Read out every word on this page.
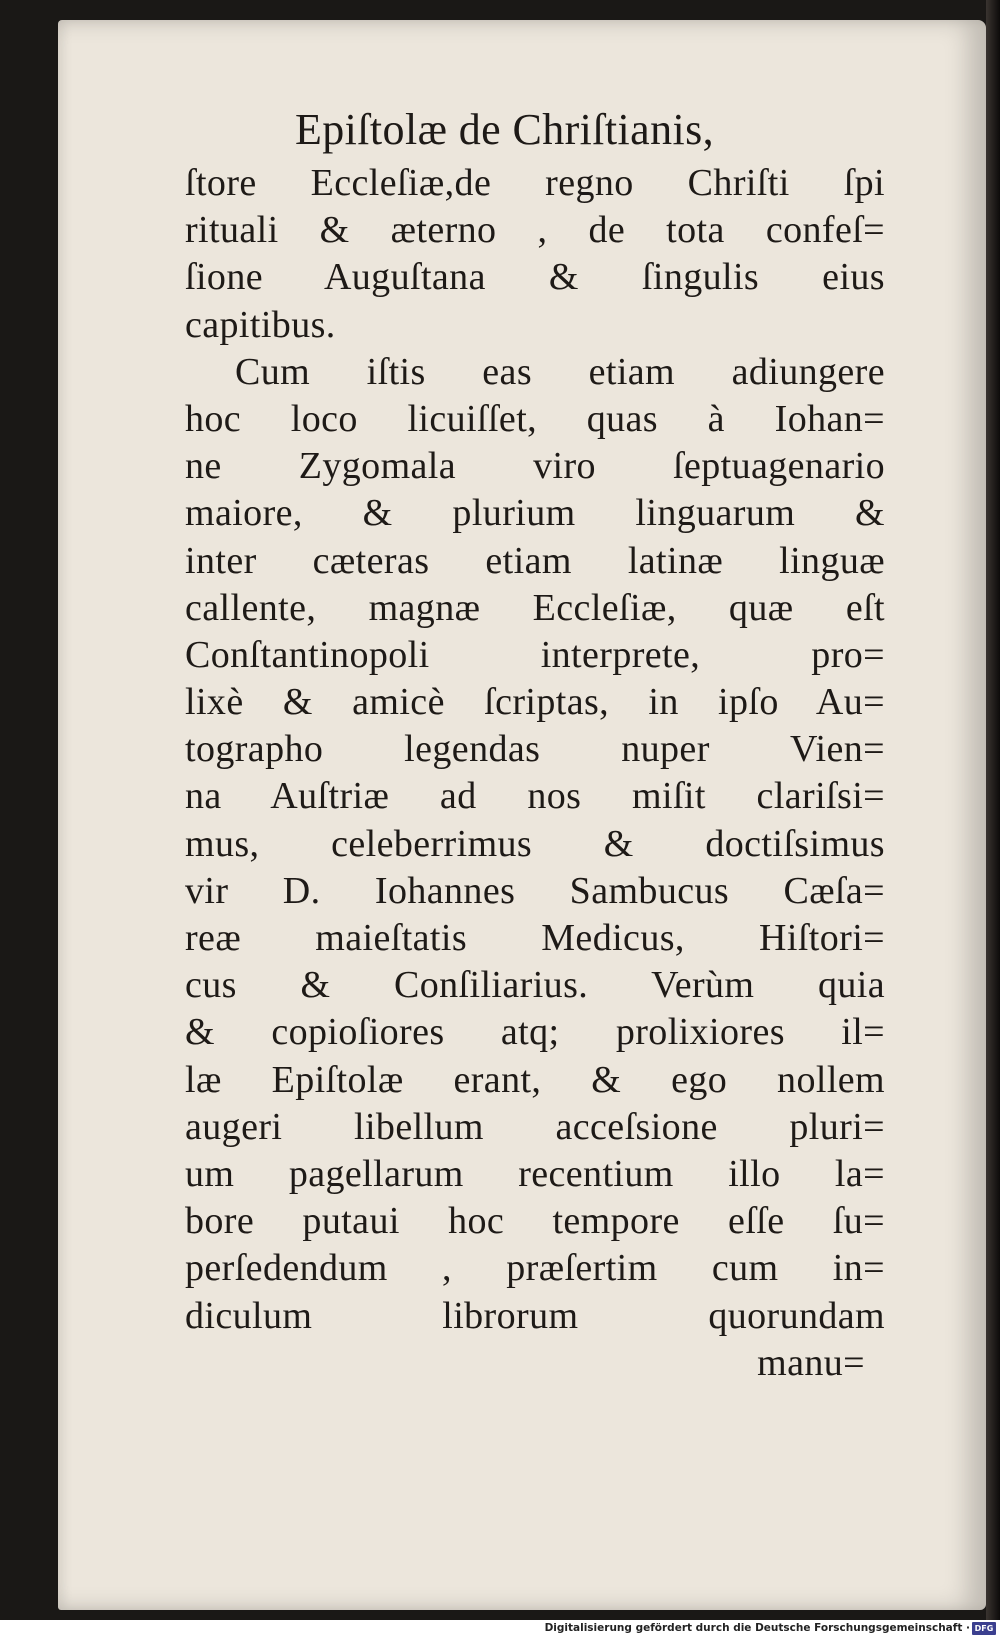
Epiſtolæ de Chriſtianis,
ſtore Eccleſiæ,de regno Chriſti ſpi
rituali & æterno , de tota confeſ=
ſione Auguſtana & ſingulis eius
capitibus.
Cum iſtis eas etiam adiungere
hoc loco licuiſſet, quas à Iohan=
ne Zygomala viro ſeptuagenario
maiore, & plurium linguarum &
inter cæteras etiam latinæ linguæ
callente, magnæ Eccleſiæ, quæ eſt
Conſtantinopoli interprete, pro=
lixè & amicè ſcriptas, in ipſo Au=
tographo legendas nuper Vien=
na Auſtriæ ad nos miſit clariſsi=
mus, celeberrimus & doctiſsimus
vir D. Iohannes Sambucus Cæſa=
reæ maieſtatis Medicus, Hiſtori=
cus & Conſiliarius. Verùm quia
& copioſiores atq; prolixiores il=
læ Epiſtolæ erant, & ego nollem
augeri libellum acceſsione pluri=
um pagellarum recentium illo la=
bore putaui hoc tempore eſſe ſu=
perſedendum , præſertim cum in=
diculum librorum quorundam
manu=
Digitalisierung gefördert durch die Deutsche Forschungsgemeinschaft · DFG
